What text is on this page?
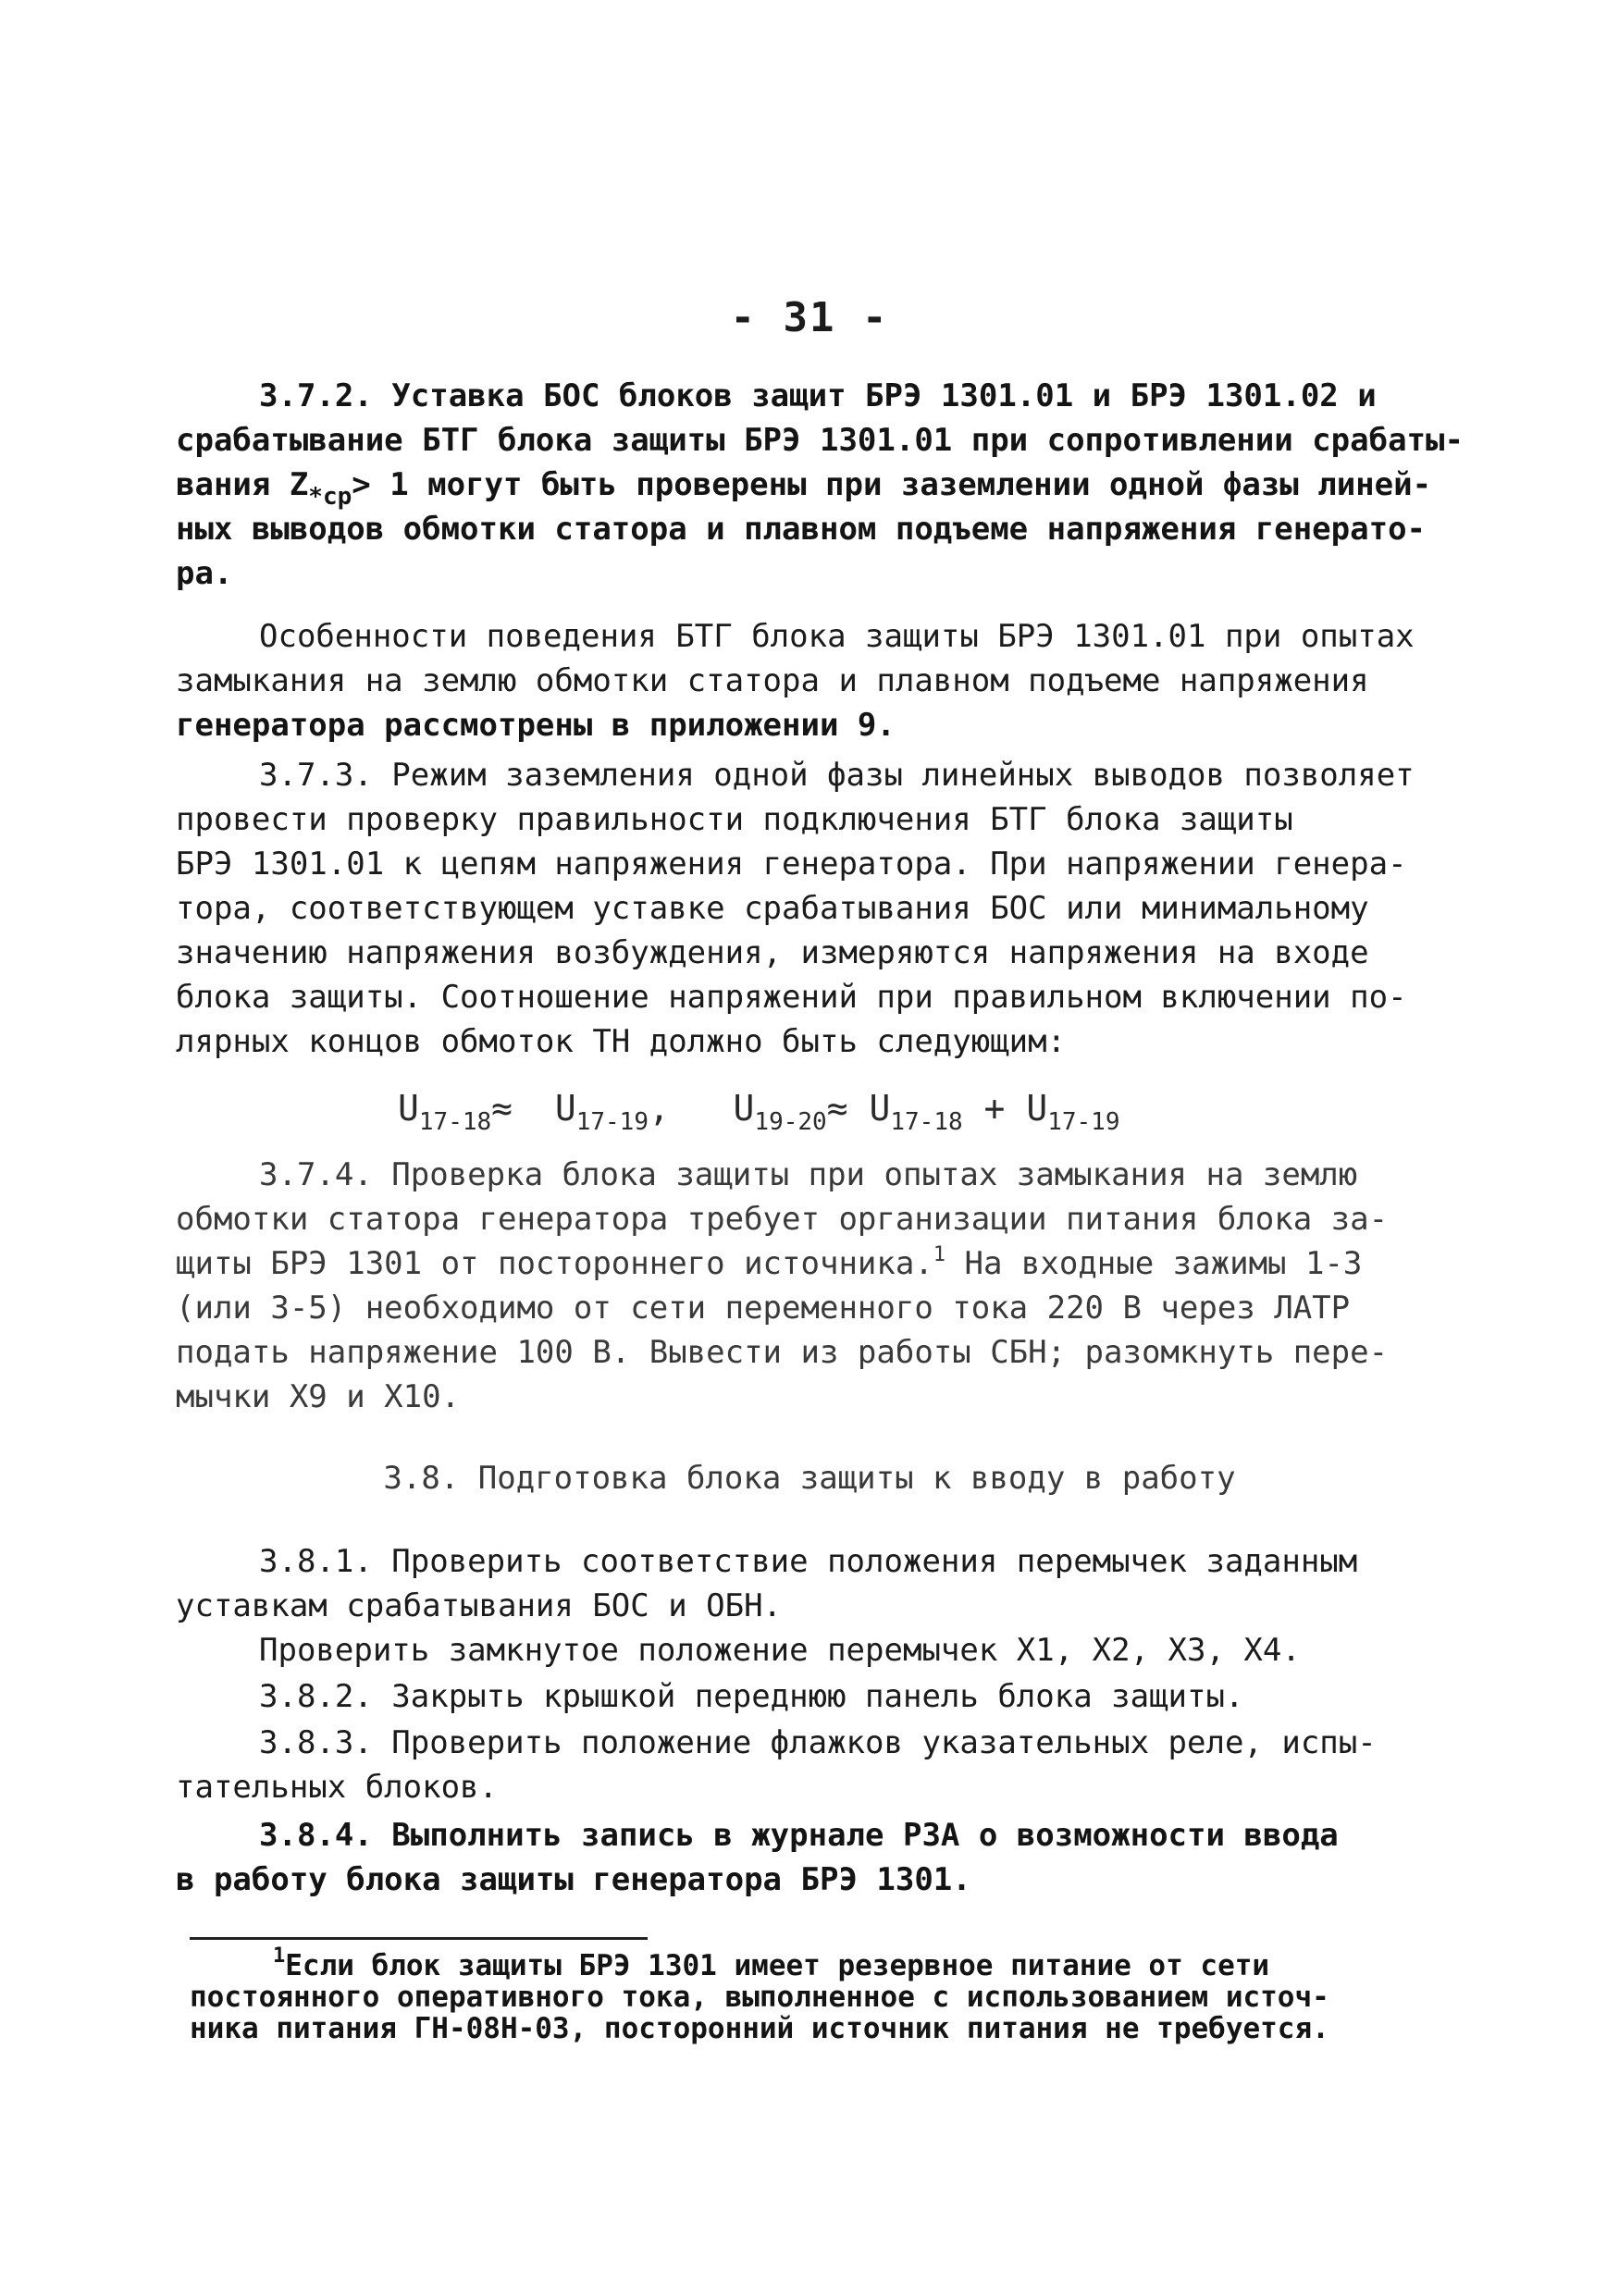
- 31 -
3.7.2. Уставка БОС блоков защит БРЭ 1301.01 и БРЭ 1301.02 и
срабатывание БТГ блока защиты БРЭ 1301.01 при сопротивлении срабаты-
вания $Z_{*ср}> 1$ могут быть проверены при заземлении одной фазы линей-
ных выводов обмотки статора и плавном подъеме напряжения генерато-
ра.
Особенности поведения БТГ блока защиты БРЭ 1301.01 при опытах
замыкания на землю обмотки статора и плавном подъеме напряжения
генератора рассмотрены в приложении 9.
3.7.3. Режим заземления одной фазы линейных выводов позволяет
провести проверку правильности подключения БТГ блока защиты
БРЭ 1301.01 к цепям напряжения генератора. При напряжении генера-
тора, соответствующем уставке срабатывания БОС или минимальному
значению напряжения возбуждения, измеряются напряжения на входе
блока защиты. Соотношение напряжений при правильном включении по-
лярных концов обмоток ТН должно быть следующим:
$U_{17-18}\approx U_{17-19}$, $U_{19-20}\approx U_{17-18} + U_{17-19}$
3.7.4. Проверка блока защиты при опытах замыкания на землю
обмотки статора генератора требует организации питания блока за-
щиты БРЭ 1301 от постороннего источника.$^1$ На входные зажимы 1-3
(или 3-5) необходимо от сети переменного тока 220 В через ЛАТР
подать напряжение 100 В. Вывести из работы СБН; разомкнуть пере-
мычки Х9 и Х10.
3.8. Подготовка блока защиты к вводу в работу
3.8.1. Проверить соответствие положения перемычек заданным
уставкам срабатывания БОС и ОБН.
Проверить замкнутое положение перемычек Х1, Х2, Х3, Х4.
3.8.2. Закрыть крышкой переднюю панель блока защиты.
3.8.3. Проверить положение флажков указательных реле, испы-
тательных блоков.
3.8.4. Выполнить запись в журнале РЗА о возможности ввода
в работу блока защиты генератора БРЭ 1301.
$^1$Если блок защиты БРЭ 1301 имеет резервное питание от сети
постоянного оперативного тока, выполненное с использованием источ-
ника питания ГН-08Н-03, посторонний источник питания не требуется.
